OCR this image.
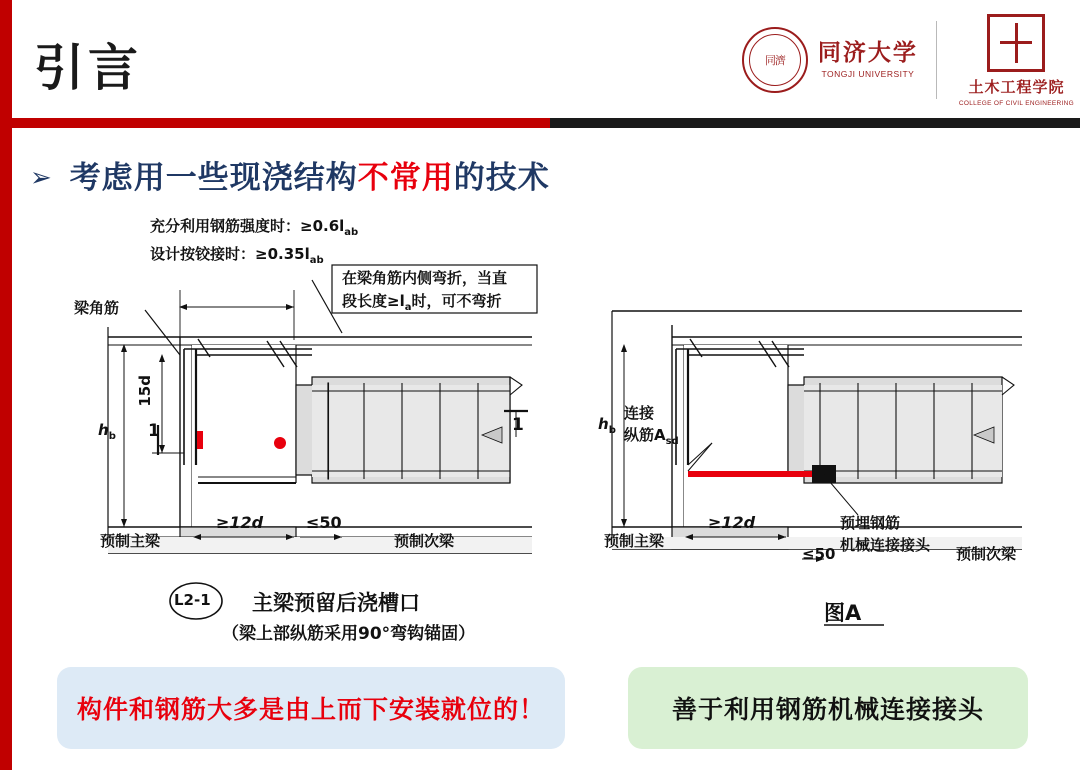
引言	同濟	同济大学
TONGJI UNIVERSITY
土木工程学院
COLLEGE OF CIVIL ENGINEERING
➢ 考虑用一些现浇结构不常用的技术
充分利用钢筋强度时：$\ge 0.6l_{ab}$
设计按铰接时：$\ge 0.35l_{ab}$
在梁角筋内侧弯折，当直
段长度$\ge l_a$时，可不弯折
梁角筋
$h_b$
15d
1	1
预制主梁	预制次梁
≥12d	≤50
L2-1 主梁预留后浇槽口
（梁上部纵筋采用90°弯钩锚固）
$h_b$
连接
纵筋$A_{sd}$
预制主梁
预制次梁
≥12d
≤50
预埋钢筋
机械连接接头
图A
构件和钢筋大多是由上而下安装就位的！	善于利用钢筋机械连接接头
